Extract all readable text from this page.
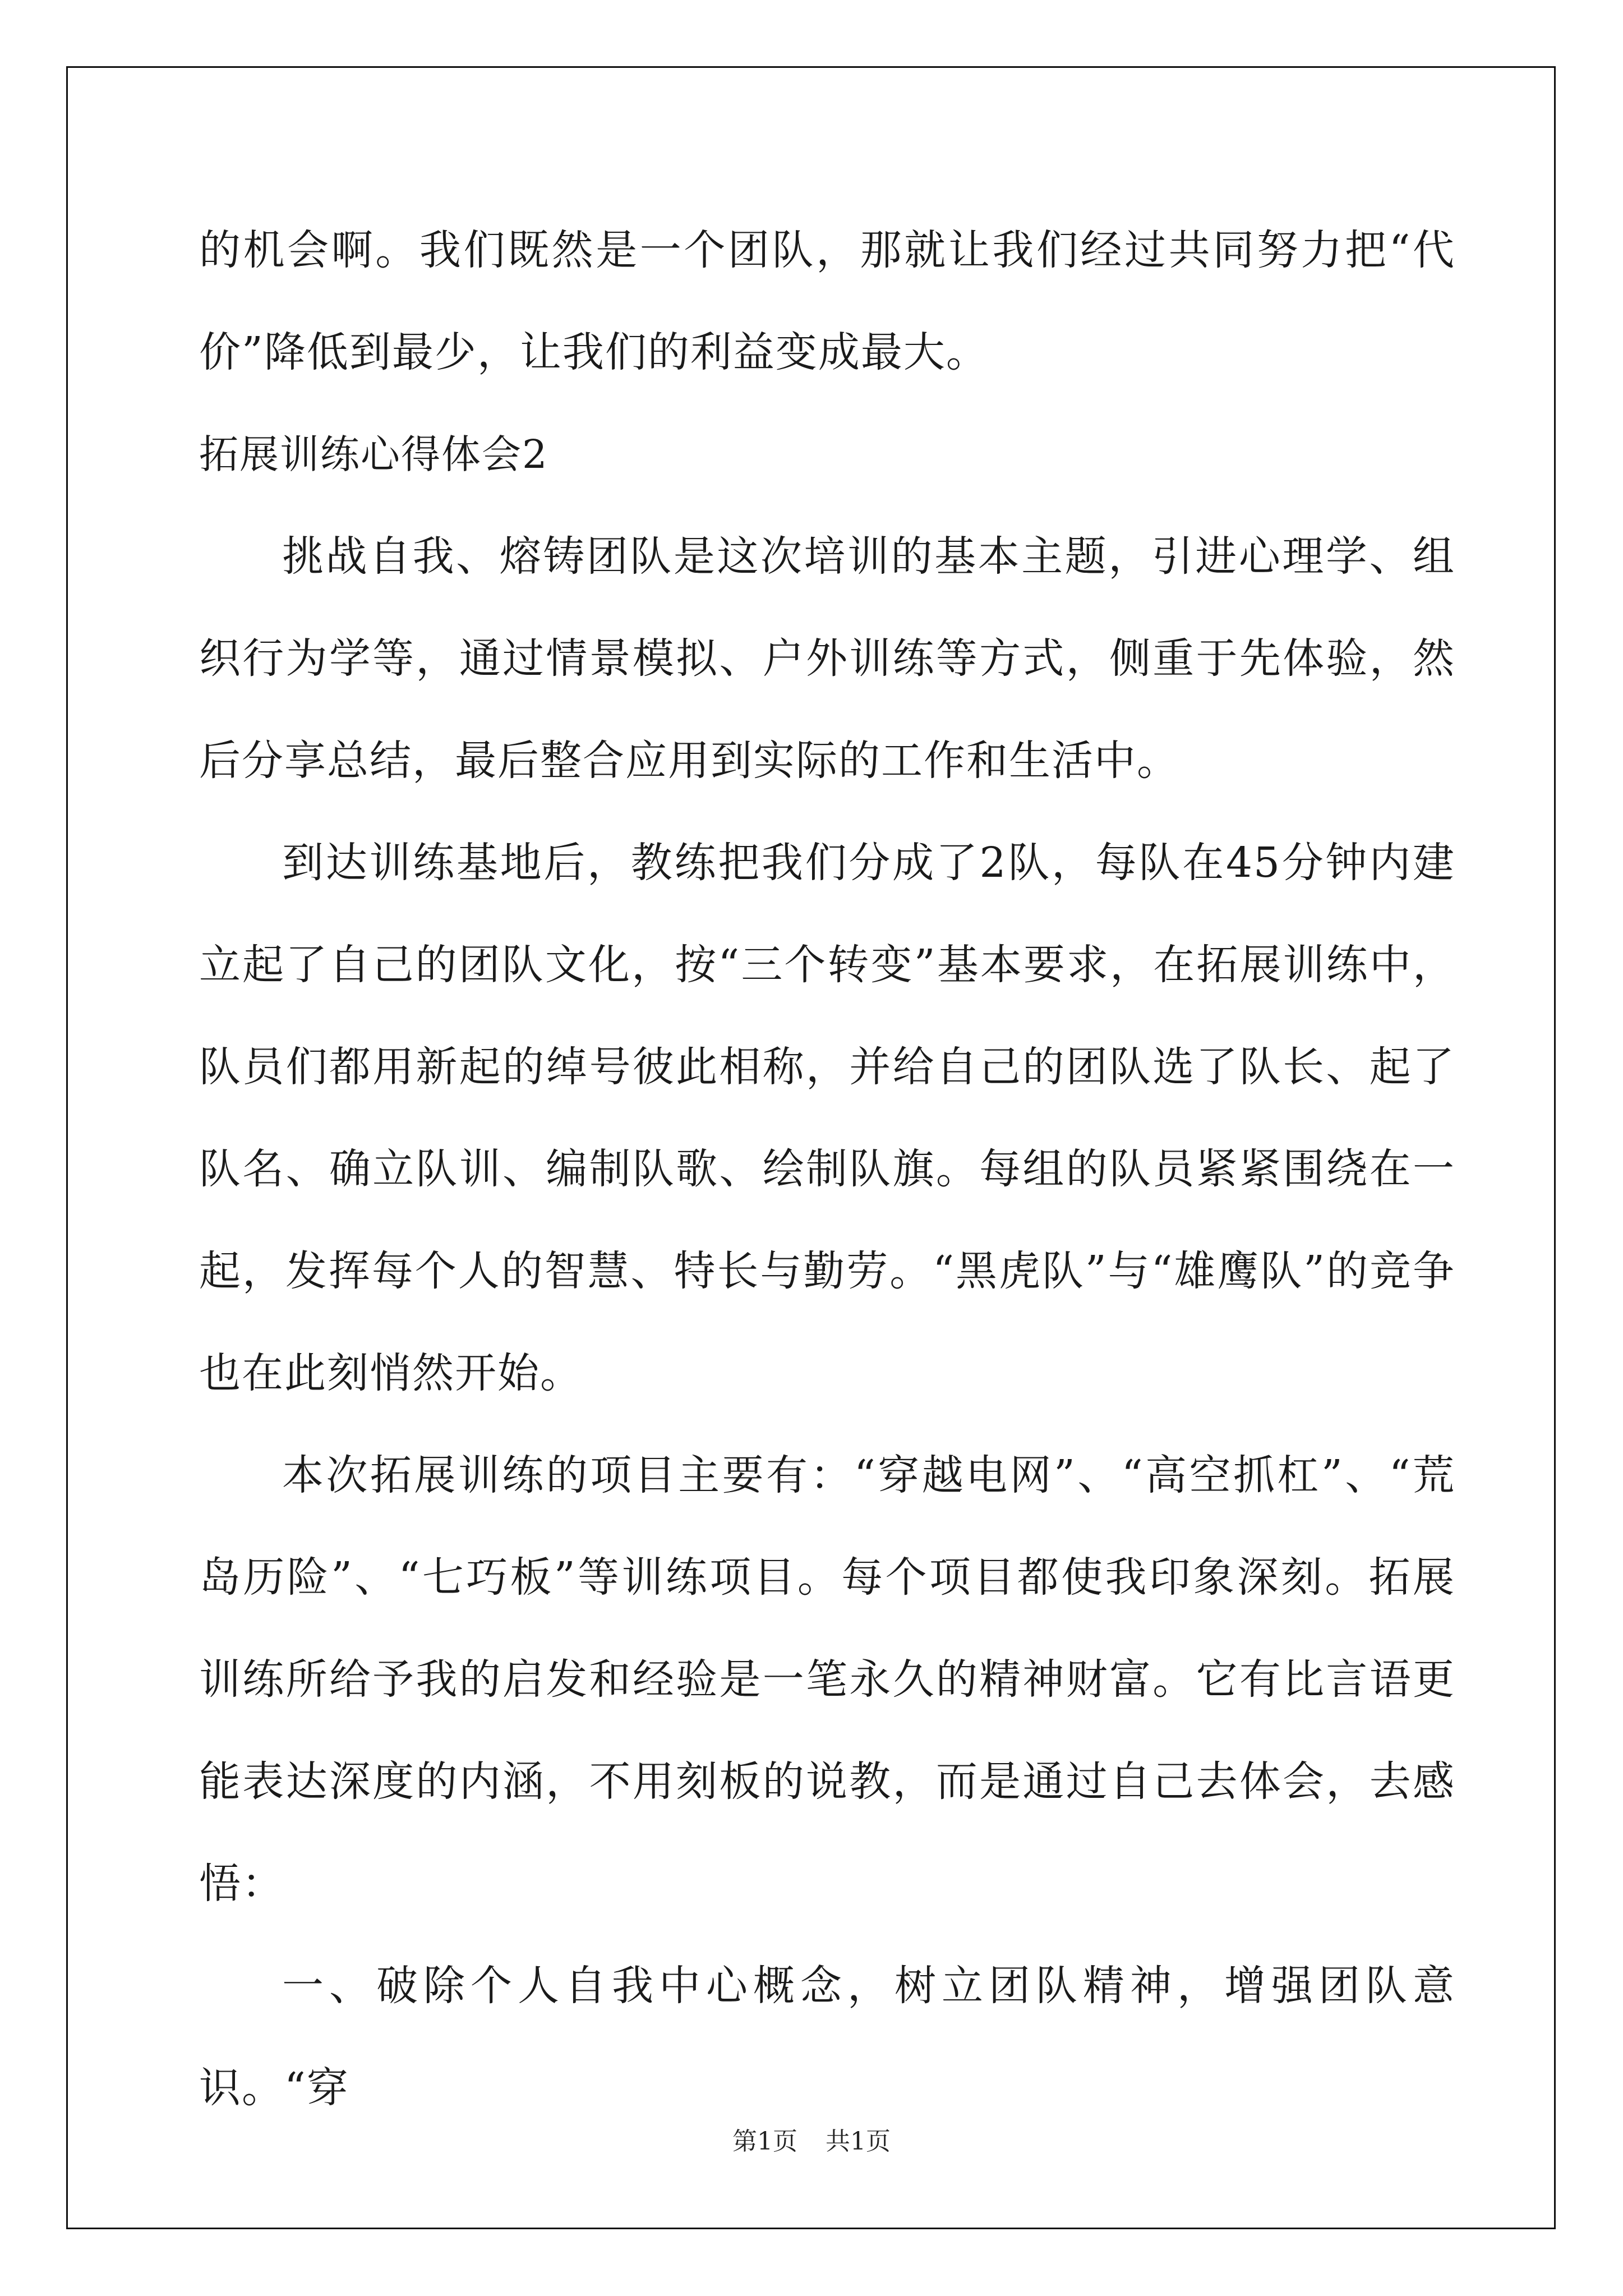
的机会啊。我们既然是一个团队，那就让我们经过共同努力把“代价”降低到最少，让我们的利益变成最大。

拓展训练心得体会2

挑战自我、熔铸团队是这次培训的基本主题，引进心理学、组织行为学等，通过情景模拟、户外训练等方式，侧重于先体验，然后分享总结，最后整合应用到实际的工作和生活中。

到达训练基地后，教练把我们分成了2队，每队在45分钟内建立起了自己的团队文化，按“三个转变”基本要求，在拓展训练中，队员们都用新起的绰号彼此相称，并给自己的团队选了队长、起了队名、确立队训、编制队歌、绘制队旗。每组的队员紧紧围绕在一起，发挥每个人的智慧、特长与勤劳。“黑虎队”与“雄鹰队”的竞争也在此刻悄然开始。

本次拓展训练的项目主要有：“穿越电网”、“高空抓杠”、“荒岛历险”、“七巧板”等训练项目。每个项目都使我印象深刻。拓展训练所给予我的启发和经验是一笔永久的精神财富。它有比言语更能表达深度的内涵，不用刻板的说教，而是通过自己去体会，去感悟：

一、破除个人自我中心概念，树立团队精神，增强团队意识。“穿

第1页 共1页
